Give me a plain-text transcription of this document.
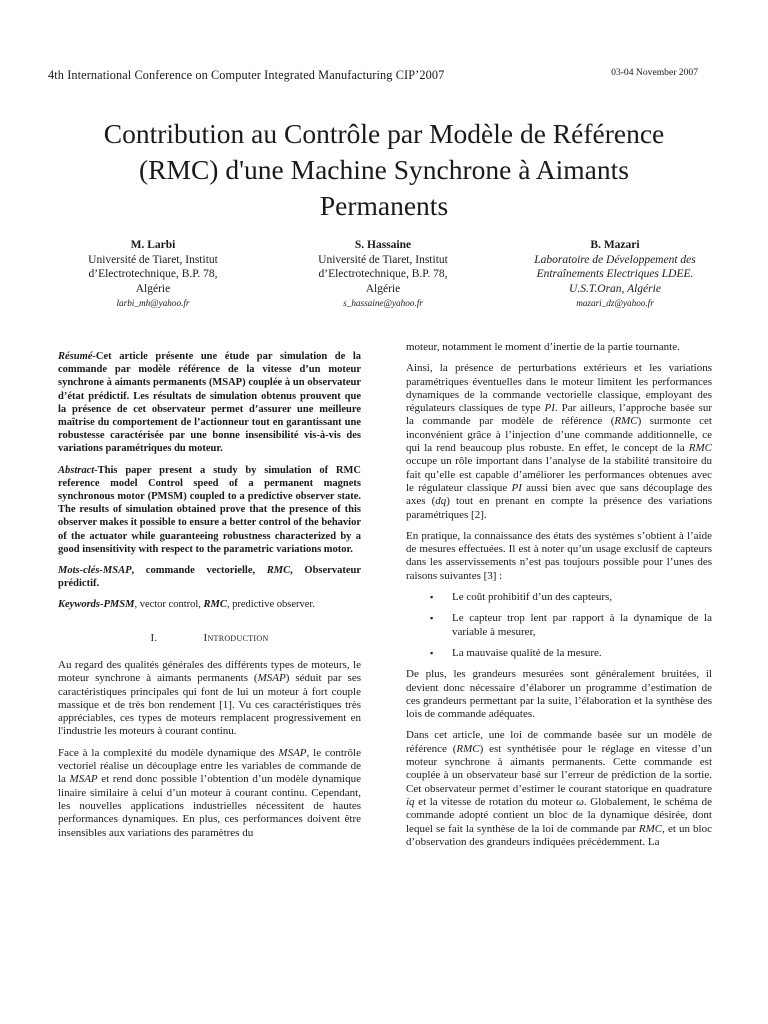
4th International Conference on Computer Integrated Manufacturing CIP’2007	03-04 November 2007
Contribution au Contrôle par Modèle de Référence
(RMC) d'une Machine Synchrone à Aimants
Permanents
M. Larbi
Université de Tiaret, Institut
d’Electrotechnique, B.P. 78,
Algérie
larbi_mh@yahoo.fr
S. Hassaine
Université de Tiaret, Institut
d’Electrotechnique, B.P. 78,
Algérie
s_hassaine@yahoo.fr
B. Mazari
Laboratoire de Développement des
Entraînements Electriques LDEE.
U.S.T.Oran, Algérie
mazari_dz@yahoo.fr

Résumé-Cet article présente une étude par simulation de la commande par modèle référence de la vitesse d’un moteur synchrone à aimants permanents (MSAP) couplée à un observateur d’état prédictif. Les résultats de simulation obtenus prouvent que la présence de cet observateur permet d’assurer une meilleure maîtrise du comportement de l’actionneur tout en garantissant une robustesse caractérisée par une bonne insensibilité vis-à-vis des variations paramétriques du moteur.

Abstract-This paper present a study by simulation of RMC reference model Control speed of a permanent magnets synchronous motor (PMSM) coupled to a predictive observer state. The results of simulation obtained prove that the presence of this observer makes it possible to ensure a better control of the behavior of the actuator while guaranteeing robustness characterized by a good insensitivity with respect to the parametric variations motor.

Mots-clés-MSAP, commande vectorielle, RMC, Observateur prédictif.

Keywords-PMSM, vector control, RMC, predictive observer.

I.	Introduction

Au regard des qualités générales des différents types de moteurs, le moteur synchrone à aimants permanents (MSAP) séduit par ses caractéristiques principales qui font de lui un moteur à fort couple massique et de très bon rendement [1]. Vu ces caractéristiques très appréciables, ces types de moteurs remplacent progressivement en l'industrie les moteurs à courant continu.

Face à la complexité du modèle dynamique des MSAP, le contrôle vectoriel réalise un découplage entre les variables de commande de la MSAP et rend donc possible l’obtention d’un modèle dynamique linaire similaire à celui d’un moteur à courant continu. Cependant, les nouvelles applications industrielles nécessitent de hautes performances dynamiques. En plus, ces performances doivent être insensibles aux variations des paramètres du

moteur, notamment le moment d’inertie de la partie tournante.

Ainsi, la présence de perturbations extérieurs et les variations paramétriques éventuelles dans le moteur limitent les performances dynamiques de la commande vectorielle classique, employant des régulateurs classiques de type PI. Par ailleurs, l’approche basée sur la commande par modèle de référence (RMC) surmonte cet inconvénient grâce à l’injection d’une commande additionnelle, ce qui la rend beaucoup plus robuste. En effet, le concept de la RMC occupe un rôle important dans l’analyse de la stabilité transitoire du fait qu’elle est capable d’améliorer les performances obtenues avec le régulateur classique PI aussi bien avec que sans découplage des axes (dq) tout en prenant en compte la présence des variations paramétriques [2].

En pratique, la connaissance des états des systèmes s’obtient à l’aide de mesures effectuées. Il est à noter qu’un usage exclusif de capteurs dans les asservissements n’est pas toujours possible pour l’unes des raisons suivantes [3] :

▪ Le coût prohibitif d’un des capteurs,
▪ Le capteur trop lent par rapport à la dynamique de la variable à mesurer,
▪ La mauvaise qualité de la mesure.

De plus, les grandeurs mesurées sont généralement bruitées, il devient donc nécessaire d’élaborer un programme d’estimation de ces grandeurs permettant par la suite, l’élaboration et la synthèse des lois de commande adéquates.

Dans cet article, une loi de commande basée sur un modèle de référence (RMC) est synthétisée pour le réglage en vitesse d’un moteur synchrone à aimants permanents. Cette commande est couplée à un observateur basé sur l’erreur de prédiction de la sortie. Cet observateur permet d’estimer le courant statorique en quadrature iq et la vitesse de rotation du moteur ω. Globalement, le schéma de commande adopté contient un bloc de la dynamique désirée, dont lequel se fait la synthèse de la loi de commande par RMC, et un bloc d’observation des grandeurs indiquées précédemment. La
